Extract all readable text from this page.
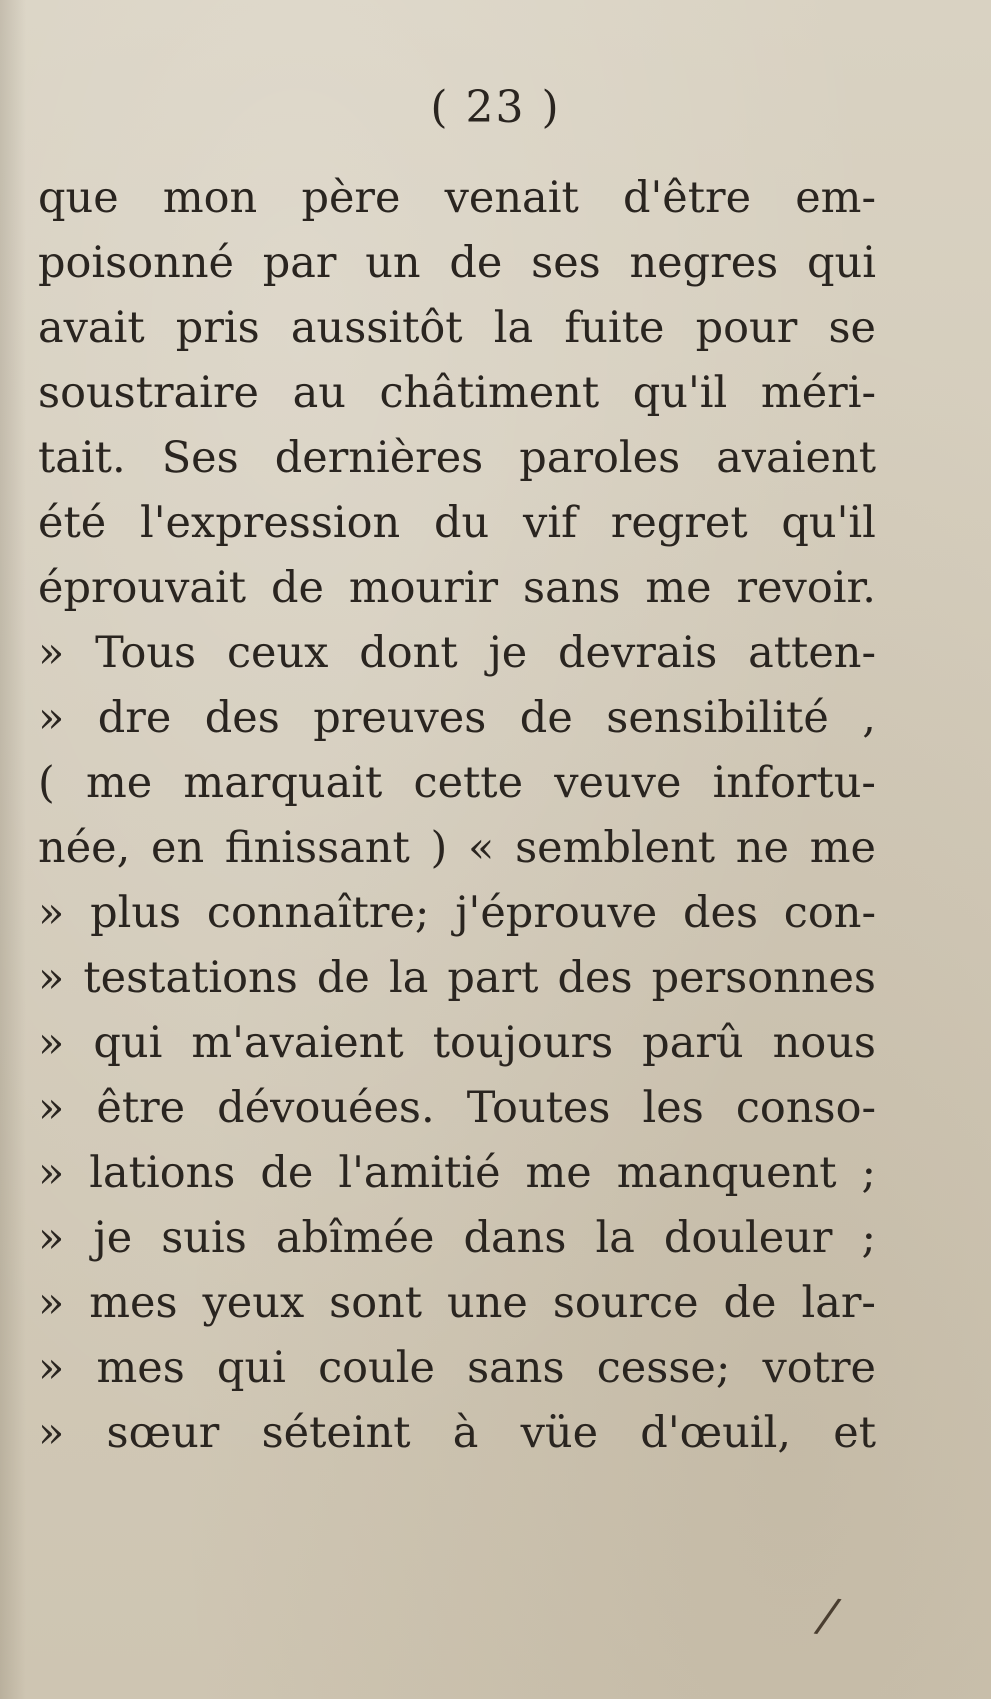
( 23 )
que mon père venait d'être em-
poisonné par un de ses negres qui
avait pris aussitôt la fuite pour se
soustraire au châtiment qu'il méri-
tait. Ses dernières paroles avaient
été l'expression du vif regret qu'il
éprouvait de mourir sans me revoir.
» Tous ceux dont je devrais atten-
» dre des preuves de sensibilité ,
( me marquait cette veuve infortu-
née, en finissant ) « semblent ne me
» plus connaître; j'éprouve des con-
» testations de la part des personnes
» qui m'avaient toujours parû nous
» être dévouées. Toutes les conso-
» lations de l'amitié me manquent ;
» je suis abîmée dans la douleur ;
» mes yeux sont une source de lar-
» mes qui coule sans cesse; votre
» sœur séteint à vüe d'œuil, et
/
